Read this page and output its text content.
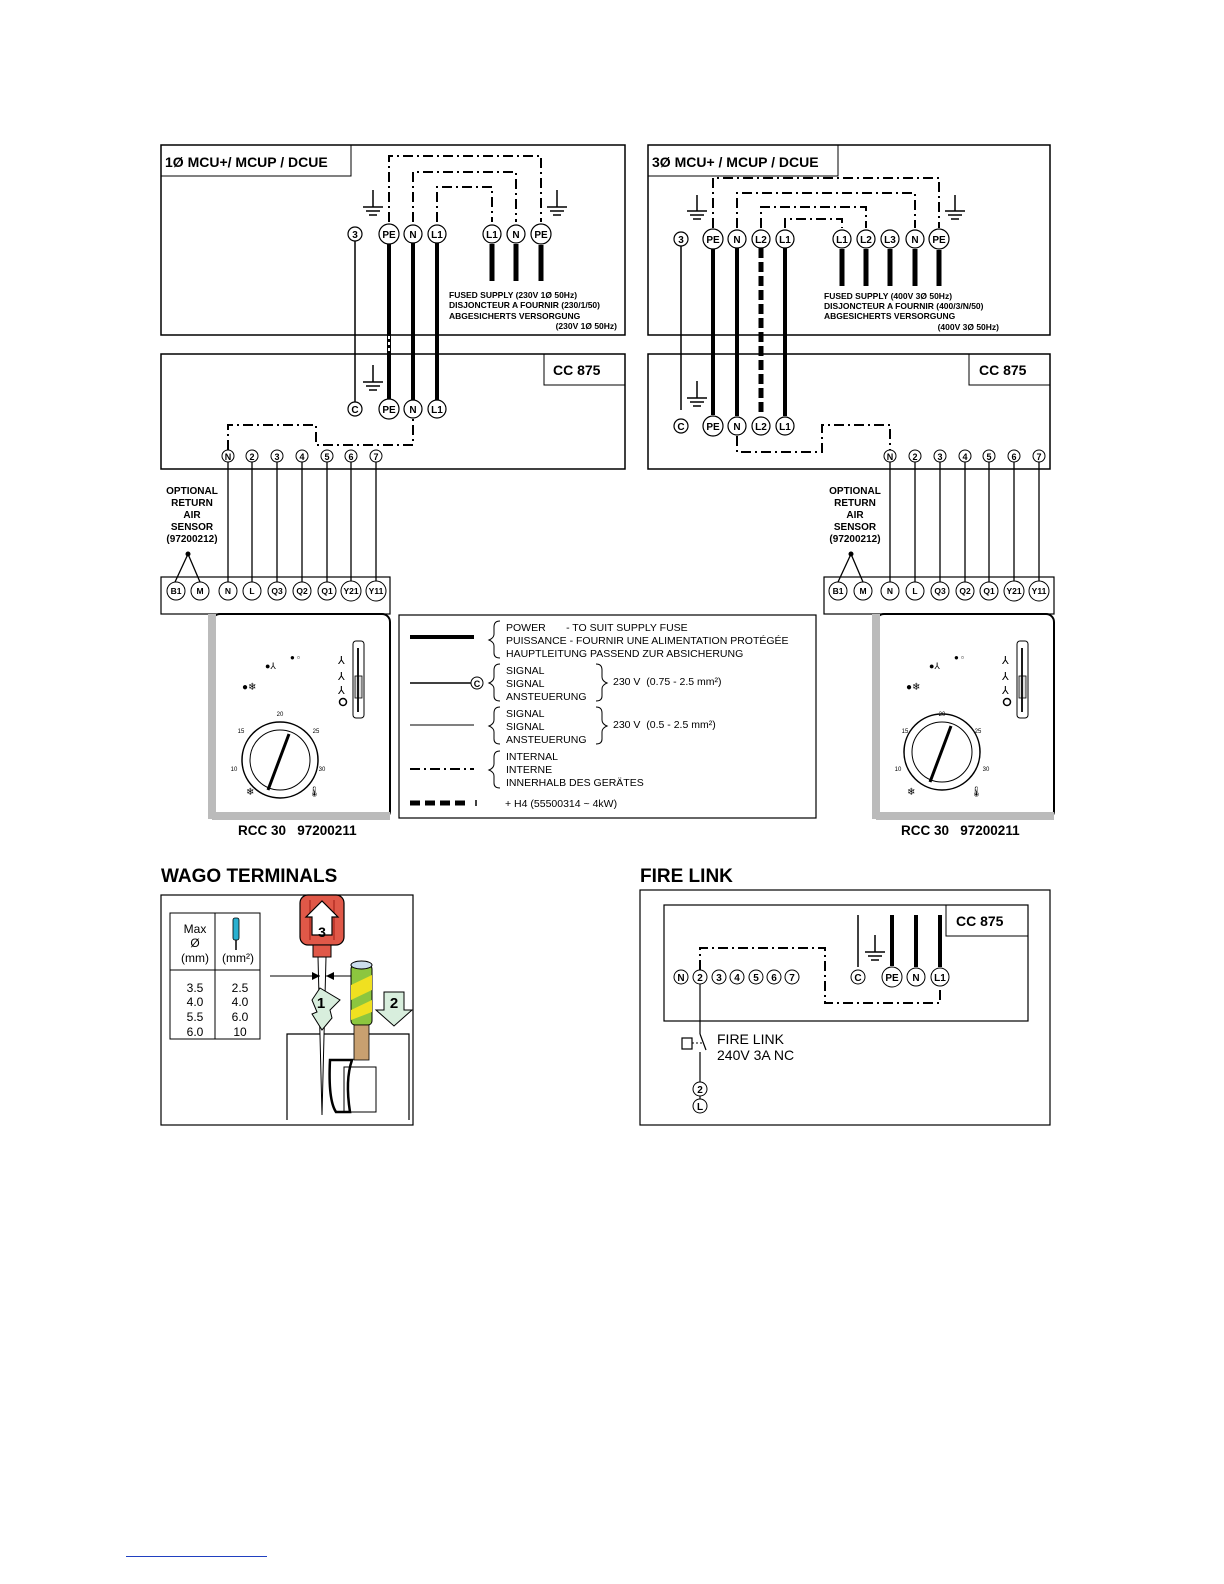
1Ø MCU+/ MCUP / DCUE
3 PE N L1	L1 N PE
FUSED SUPPLY (230V 1Ø 50Hz)
DISJONCTEUR A FOURNIR (230/1/50)
ABGESICHERTS VERSORGUNG
(230V 1Ø 50Hz)
CC 875
C PE N L1
N 2 3 4 5 6 7
OPTIONAL
RETURN
AIR
SENSOR
(97200212)
B1 M	N L Q3 Q2 Q1 Y21 Y11
●⅄
● ▫
●❄
⅄
⅄
⅄
20
15	25
10	30
❄	🌡
RCC 30   97200211
3Ø MCU+ / MCUP / DCUE
3 PE N L2 L1	L1 L2 L3 N PE
FUSED SUPPLY (400V 3Ø 50Hz)
DISJONCTEUR A FOURNIR (400/3/N/50)
ABGESICHERTS VERSORGUNG
(400V 3Ø 50Hz)
CC 875
C PE N L2 L1
N 2 3 4 5 6 7
OPTIONAL
RETURN
AIR
SENSOR
(97200212)
B1 M N L Q3 Q2 Q1 Y21 Y11
●⅄
● ▫
●❄
⅄
⅄
⅄
20
15	25
10	30
❄	🌡
RCC 30   97200211
POWER       - TO SUIT SUPPLY FUSE
PUISSANCE - FOURNIR UNE ALIMENTATION PROTÉGÉE
HAUPTLEITUNG PASSEND ZUR ABSICHERUNG
C
SIGNAL
SIGNAL
ANSTEUERUNG
230 V  (0.75 - 2.5 mm²)
SIGNAL
SIGNAL
ANSTEUERUNG
230 V  (0.5 - 2.5 mm²)
INTERNAL
INTERNE
INNERHALB DES GERÄTES
+ H4 (55500314 ~ 4kW)
WAGO TERMINALS
Max
Ø
(mm) (mm²)
3.5 2.5
4.0 4.0
5.5 6.0
6.0 10
3
1	2
FIRE LINK
CC 875
N 2 3 4 5 6 7	C PE N L1
FIRE LINK
240V 3A NC
2
L
